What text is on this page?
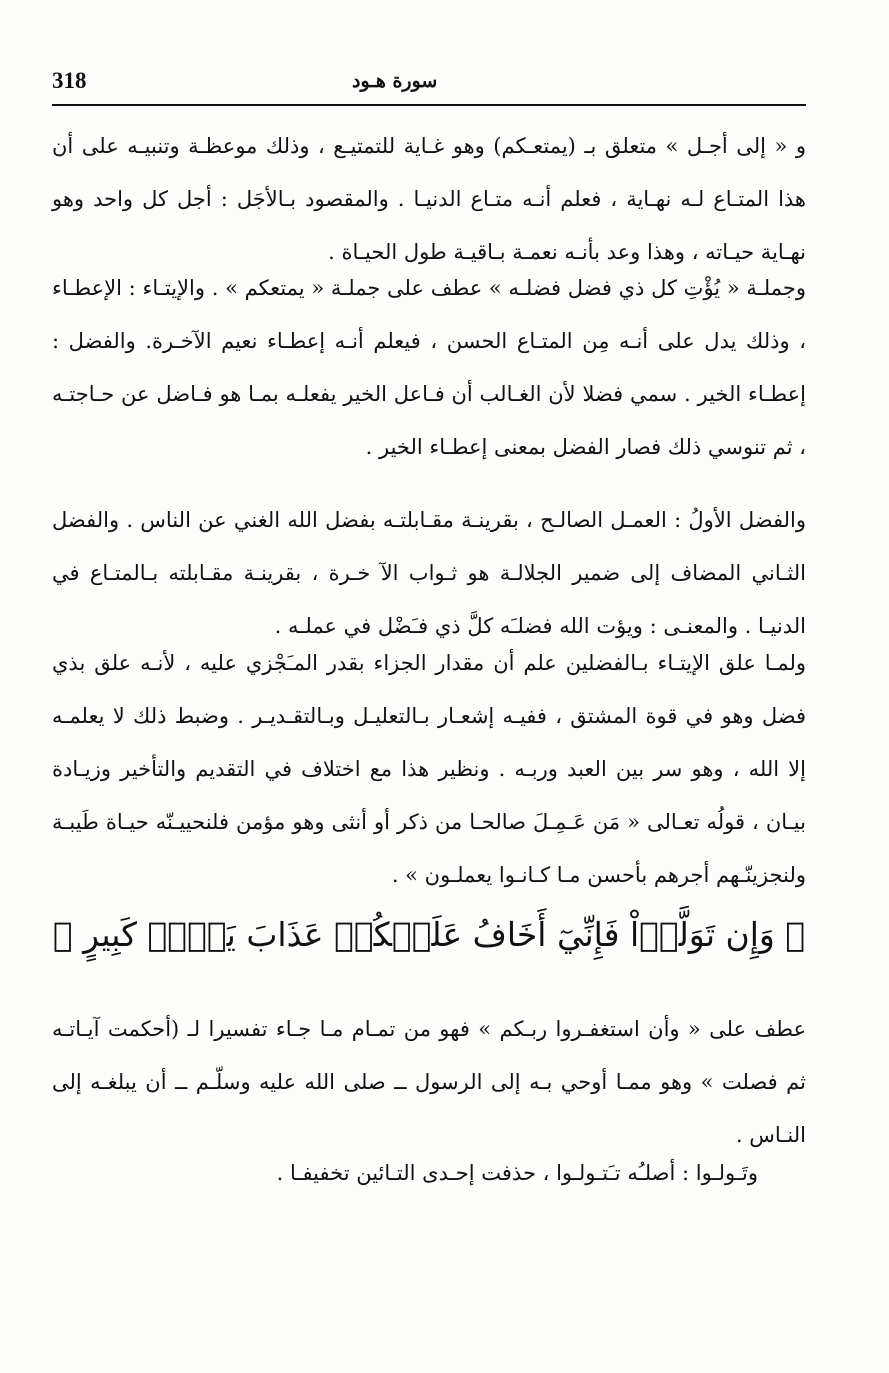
318	سورة هـود

و « إلى أجـل » متعلق بـ (يمتعـكم) وهو غـاية للتمتيـع ، وذلك موعظـة وتنبيـه على أن هذا المتـاع لـه نهـاية ، فعلم أنـه متـاع الدنيـا . والمقصود بـالأجَل : أجل كل واحد وهو نهـاية حيـاته ، وهذا وعد بأنـه نعمـة بـاقيـة طول الحيـاة .

وجملـة « يُؤْتِ كل ذي فضل فضلـه » عطف على جملـة « يمتعكم » . والإيتـاء : الإعطـاء ، وذلك يدل على أنـه مِن المتـاع الحسن ، فيعلم أنـه إعطـاء نعيم الآخـرة. والفضل : إعطـاء الخير . سمي فضلا لأن الغـالب أن فـاعل الخير يفعلـه بمـا هو فـاضل عن حـاجتـه ، ثم تنوسي ذلك فصار الفضل بمعنى إعطـاء الخير .

والفضل الأولُ : العمـل الصالـح ، بقرينـة مقـابلتـه بفضل الله الغني عن الناس . والفضل الثـاني المضاف إلى ضمير الجلالـة هو ثـواب الآ خـرة ، بقرينـة مقـابلته بـالمتـاع في الدنيـا . والمعنـى : ويؤت الله فضلـَه كلَّ ذي فـَضْل في عملـه .

ولمـا علق الإيتـاء بـالفضلين علم أن مقدار الجزاء بقدر المـَجْزي عليه ، لأنـه علق بذي فضل وهو في قوة المشتق ، ففيـه إشعـار بـالتعليـل وبـالتقـديـر . وضبط ذلك لا يعلمـه إلا الله ، وهو سر بين العبد وربـه . ونظير هذا مع اختلاف في التقديم والتأخير وزيـادة بيـان ، قولُه تعـالى « مَن عَـمِـلَ صالحـا من ذكر أو أنثى وهو مؤمن فلنحييـنّه حيـاة طَيبـة ولنجزينّـهم أجرهم بأحسن مـا كـانـوا يعملـون » .

﴿ وَإِن تَوَلَّوۡاْ فَإِنِّيٓ أَخَافُ عَلَيۡكُمۡ عَذَابَ يَوۡمٖ كَبِيرٍ ﴾

عطف على « وأن استغفـروا ربـكم » فهو من تمـام مـا جـاء تفسيرا لـ (أحكمت آيـاتـه ثم فصلت » وهو ممـا أوحي بـه إلى الرسول ــ صلى الله عليه وسلّـم ــ أن يبلغـه إلى النـاس .

وتَـولـوا : أصلـُه تـَتـولـوا ، حذفت إحـدى التـائين تخفيفـا .
